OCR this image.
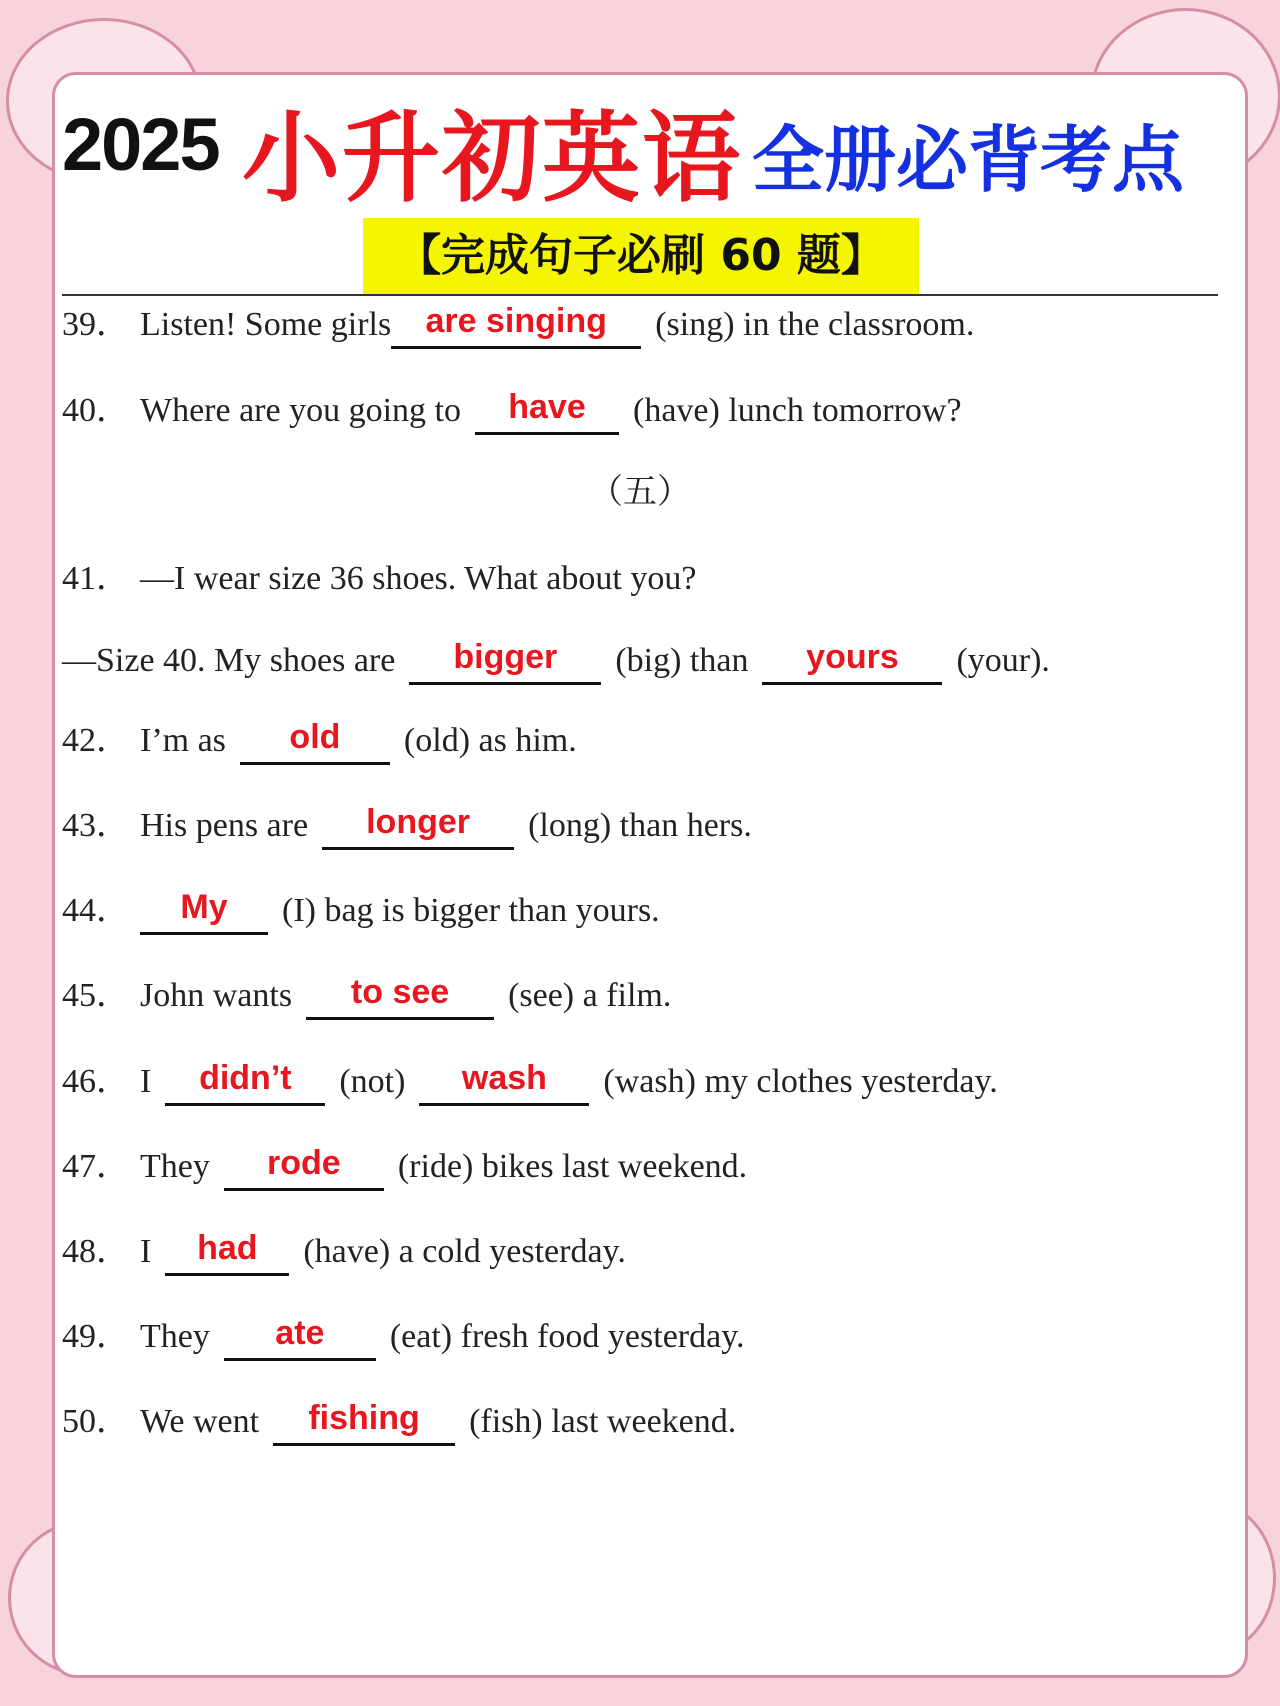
2025 小升初英语 全册必背考点
【完成句子必刷 60 题】
39． Listen! Some girls are singing (sing) in the classroom.
40． Where are you going to have (have) lunch tomorrow?
（五）
41． —I wear size 36 shoes. What about you?
—Size 40. My shoes are bigger (big) than yours (your).
42． I’m as old (old) as him.
43． His pens are longer (long) than hers.
44． My (I) bag is bigger than yours.
45． John wants to see (see) a film.
46． I didn’t (not) wash (wash) my clothes yesterday.
47． They rode (ride) bikes last weekend.
48． I had (have) a cold yesterday.
49． They ate (eat) fresh food yesterday.
50． We went fishing (fish) last weekend.
